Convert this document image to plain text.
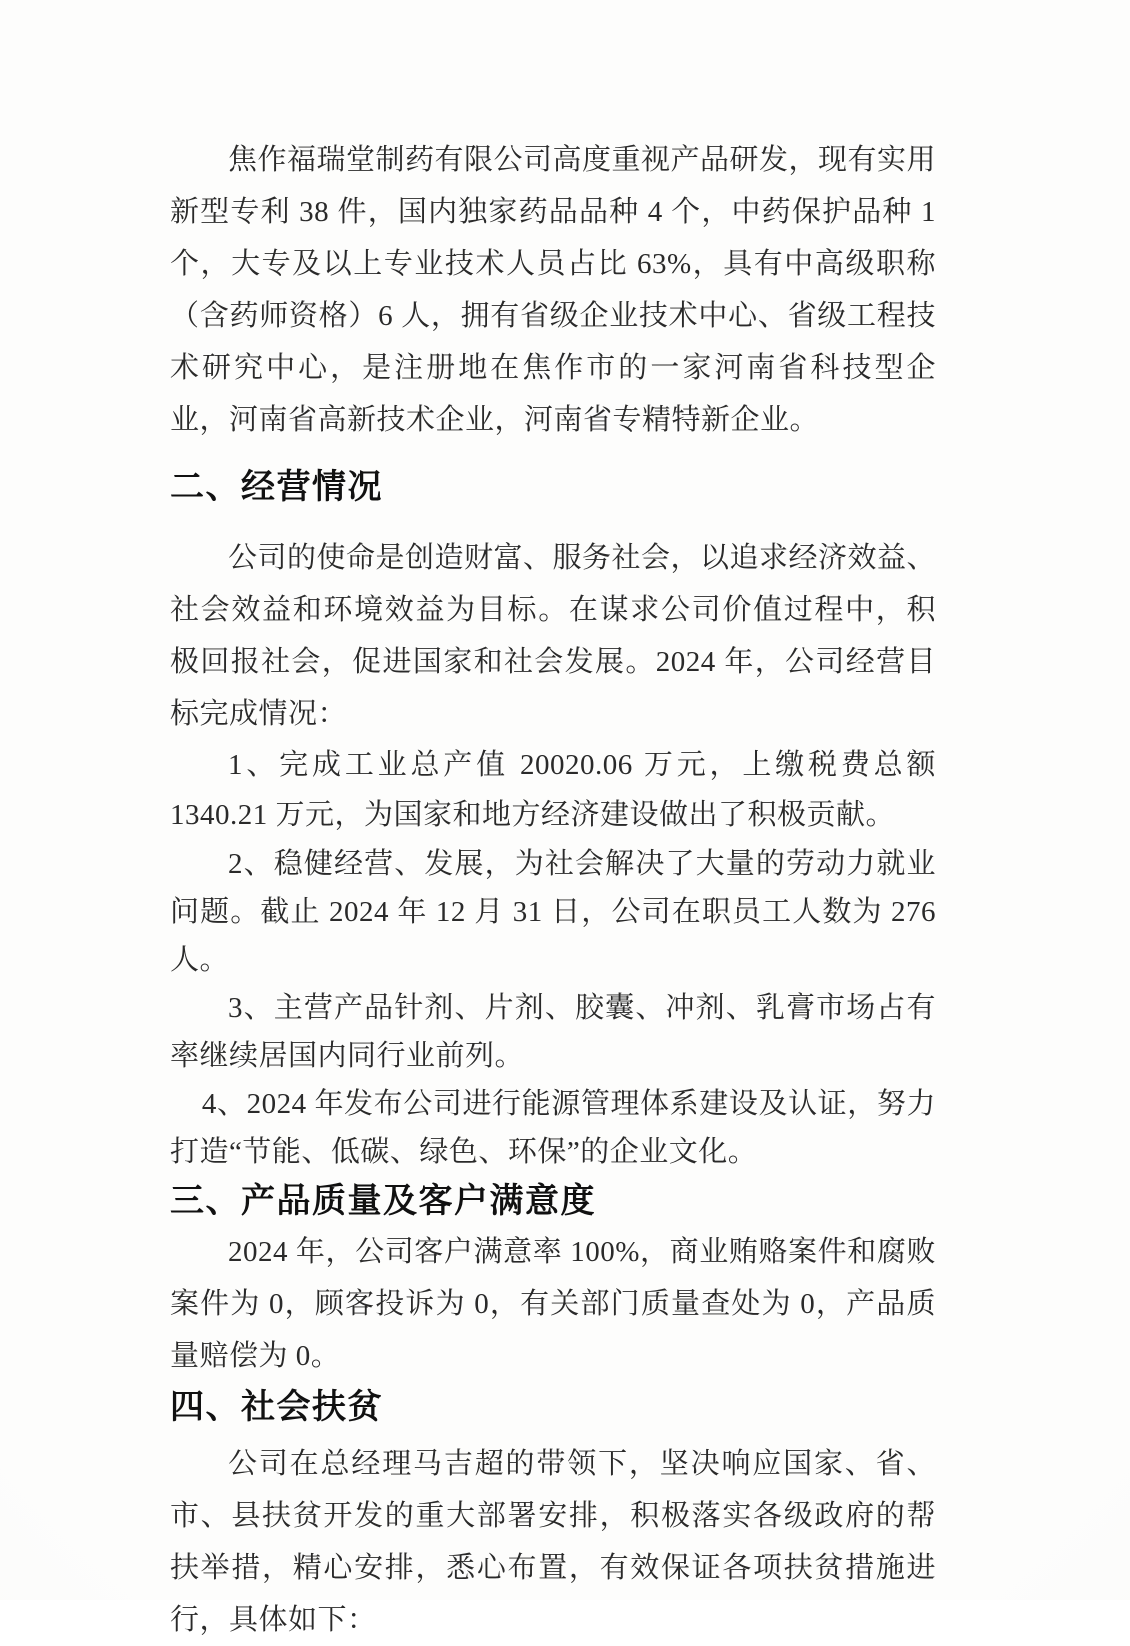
焦作福瑞堂制药有限公司高度重视产品研发，现有实用新型专利 38 件，国内独家药品品种 4 个，中药保护品种 1 个，大专及以上专业技术人员占比 63%，具有中高级职称（含药师资格）6 人，拥有省级企业技术中心、省级工程技术研究中心，是注册地在焦作市的一家河南省科技型企业，河南省高新技术企业，河南省专精特新企业。

二、经营情况

公司的使命是创造财富、服务社会，以追求经济效益、社会效益和环境效益为目标。在谋求公司价值过程中，积极回报社会，促进国家和社会发展。2024 年，公司经营目标完成情况：

1、完成工业总产值 20020.06 万元，上缴税费总额 1340.21 万元，为国家和地方经济建设做出了积极贡献。

2、稳健经营、发展，为社会解决了大量的劳动力就业问题。截止 2024 年 12 月 31 日，公司在职员工人数为 276 人。

3、主营产品针剂、片剂、胶囊、冲剂、乳膏市场占有率继续居国内同行业前列。

4、2024 年发布公司进行能源管理体系建设及认证，努力打造“节能、低碳、绿色、环保”的企业文化。

三、产品质量及客户满意度

2024 年，公司客户满意率 100%，商业贿赂案件和腐败案件为 0，顾客投诉为 0，有关部门质量查处为 0，产品质量赔偿为 0。

四、社会扶贫

公司在总经理马吉超的带领下，坚决响应国家、省、市、县扶贫开发的重大部署安排，积极落实各级政府的帮扶举措，精心安排，悉心布置，有效保证各项扶贫措施进行，具体如下：
